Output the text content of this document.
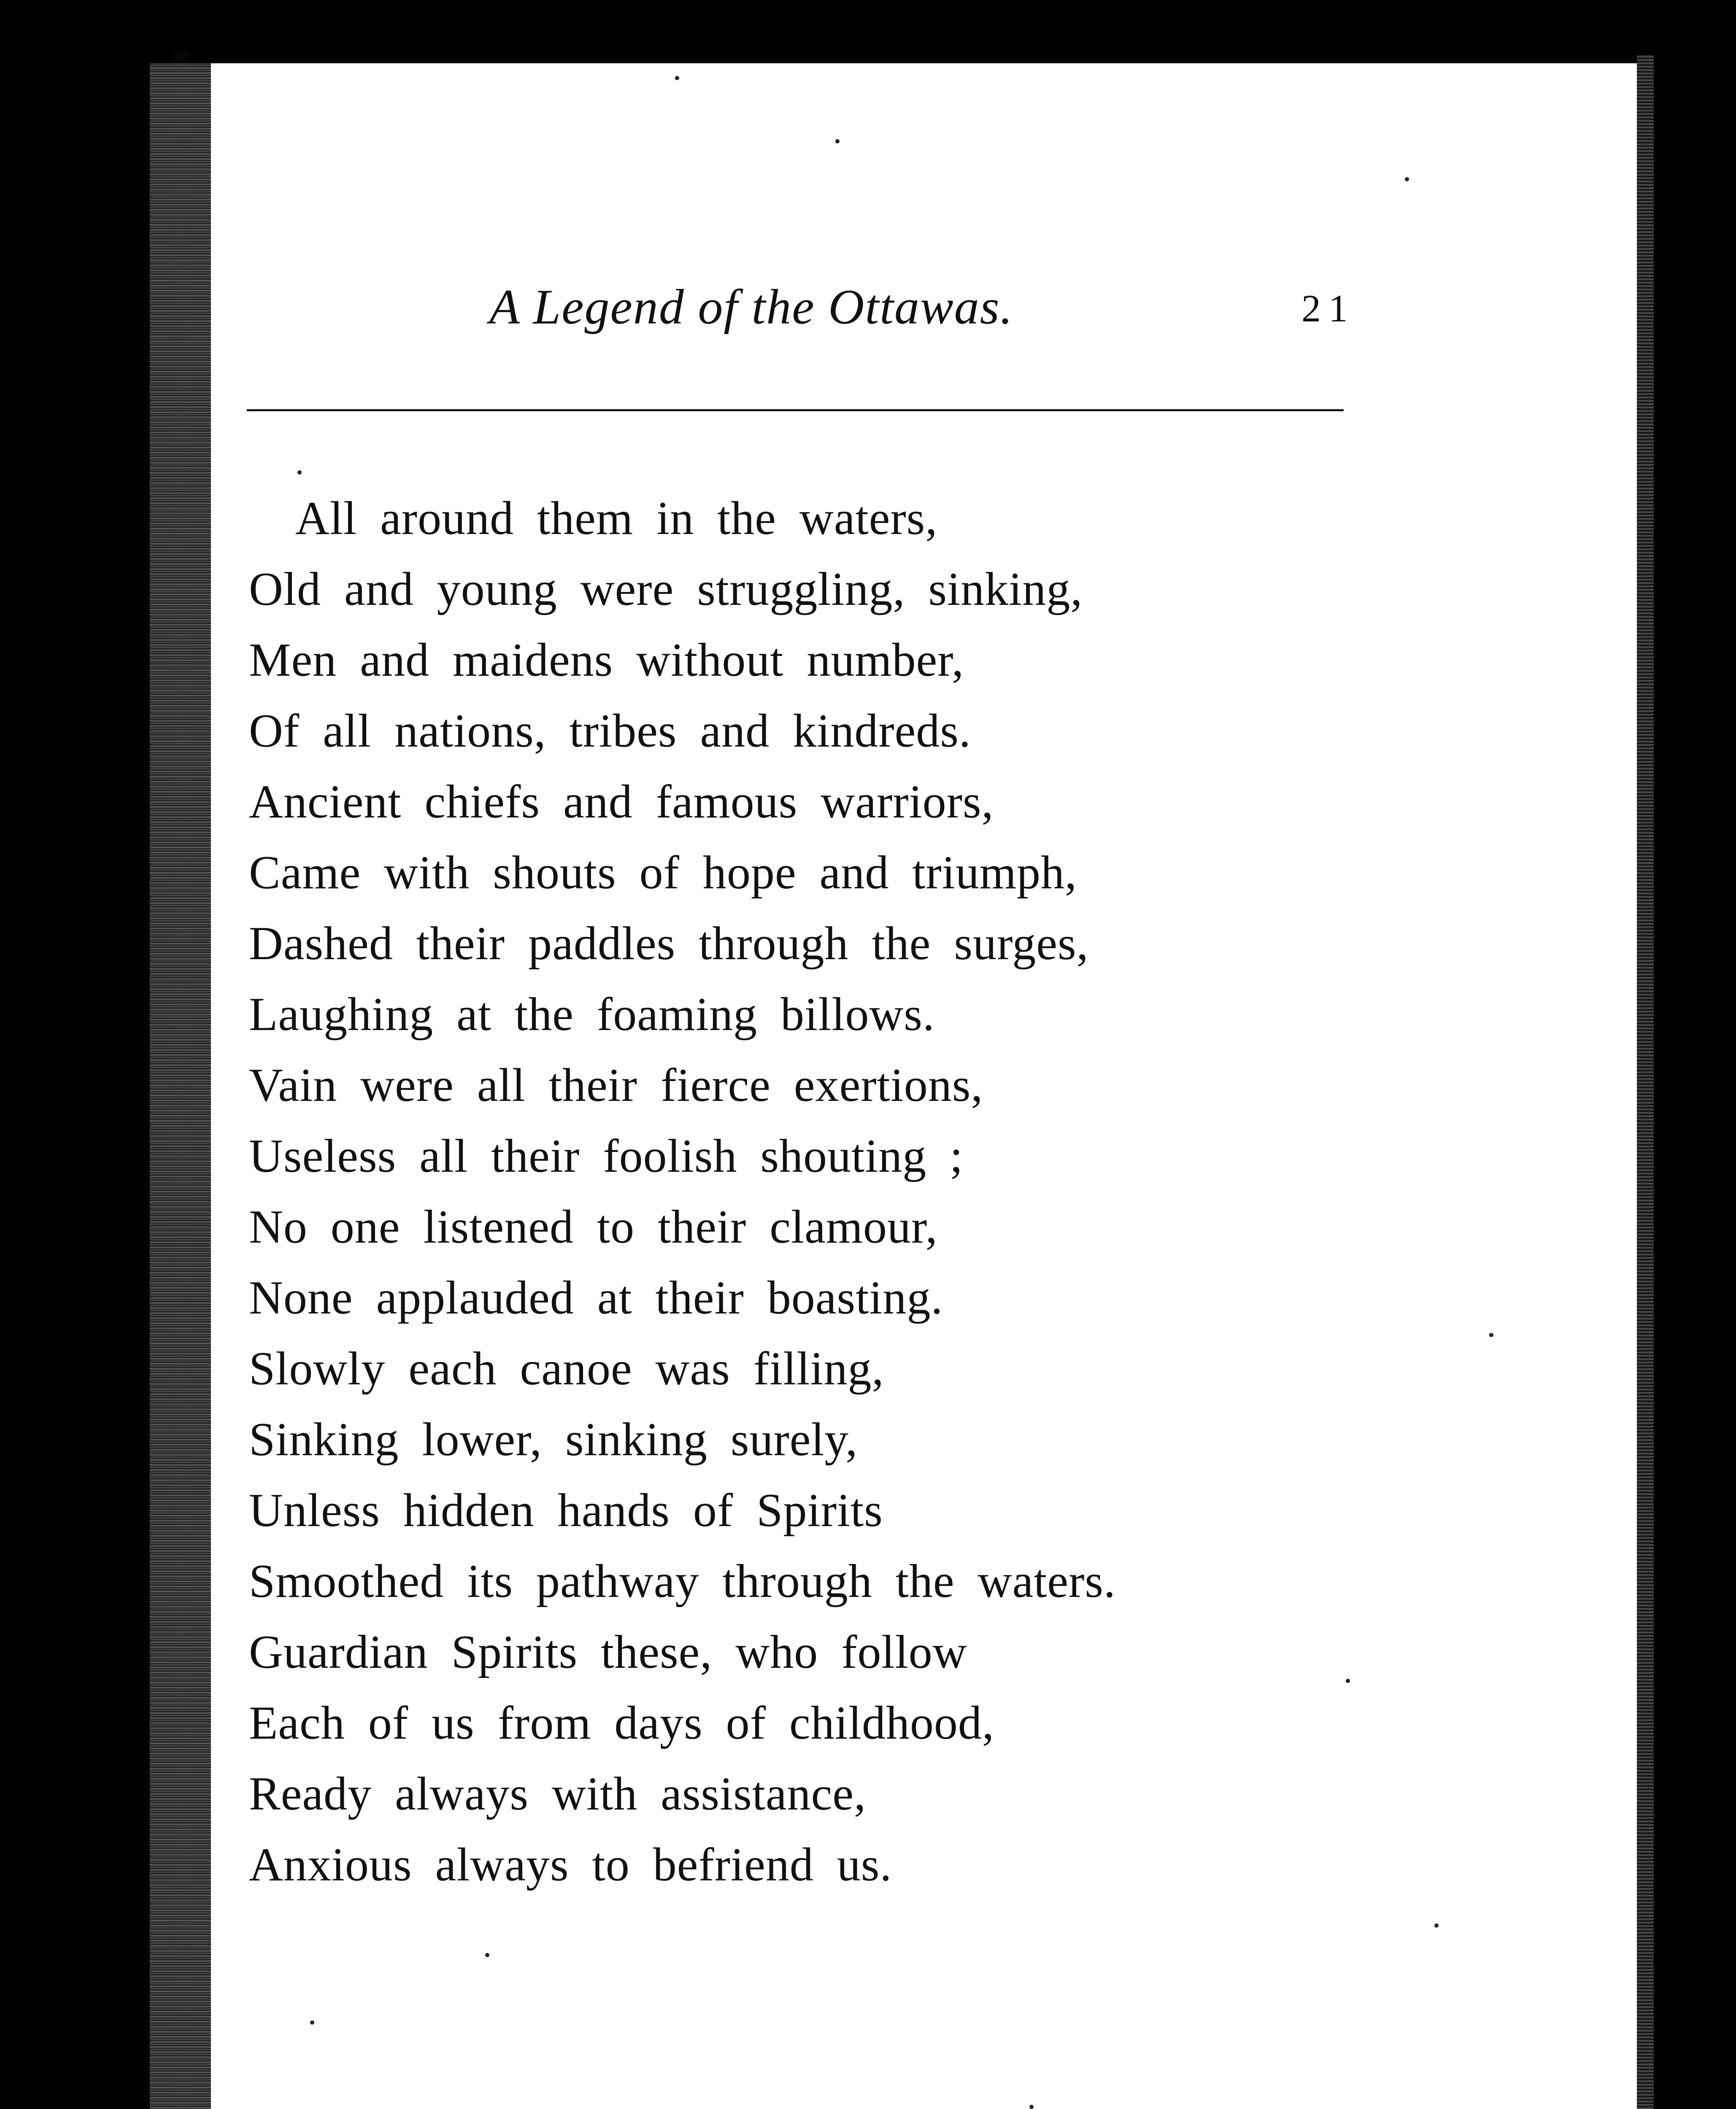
A Legend of the Ottawas.	21
All around them in the waters,
Old and young were struggling, sinking,
Men and maidens without number,
Of all nations, tribes and kindreds.
Ancient chiefs and famous warriors,
Came with shouts of hope and triumph,
Dashed their paddles through the surges,
Laughing at the foaming billows.
Vain were all their fierce exertions,
Useless all their foolish shouting ;
No one listened to their clamour,
None applauded at their boasting.
Slowly each canoe was filling,
Sinking lower, sinking surely,
Unless hidden hands of Spirits
Smoothed its pathway through the waters.
Guardian Spirits these, who follow
Each of us from days of childhood,
Ready always with assistance,
Anxious always to befriend us.
